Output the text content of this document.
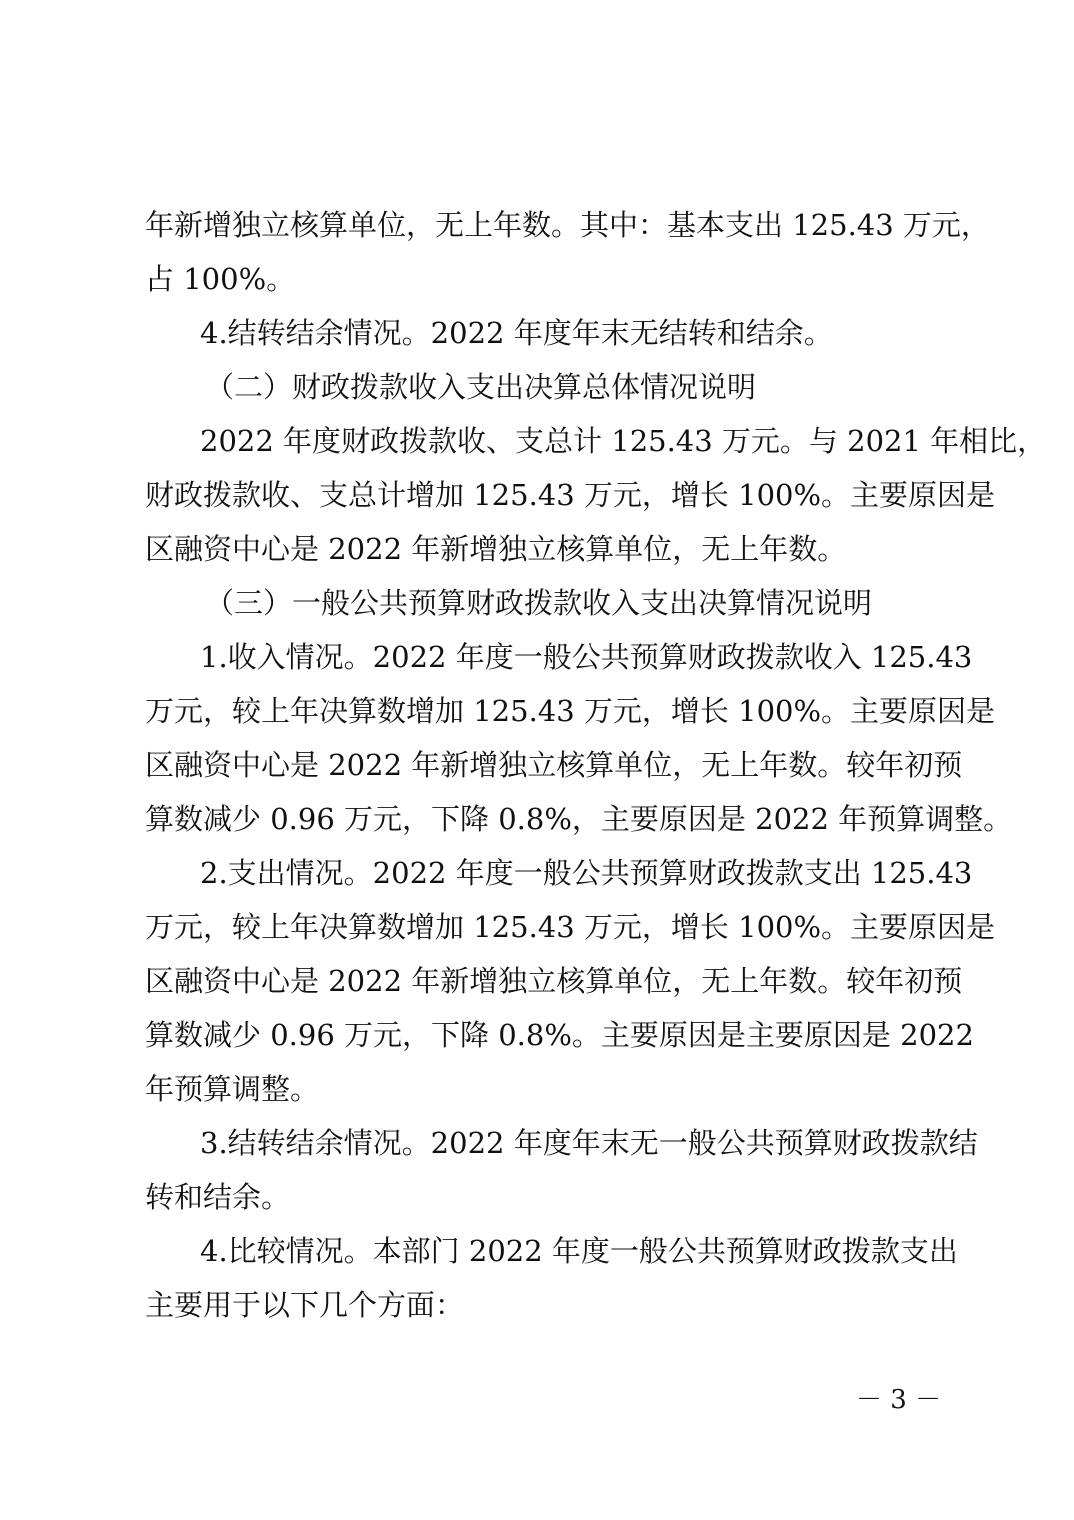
年新增独立核算单位，无上年数。其中：基本支出 125.43 万元，
占 100%。
4.结转结余情况。2022 年度年末无结转和结余。
（二）财政拨款收入支出决算总体情况说明
2022 年度财政拨款收、支总计 125.43 万元。与 2021 年相比，
财政拨款收、支总计增加 125.43 万元，增长 100%。主要原因是
区融资中心是 2022 年新增独立核算单位，无上年数。
（三）一般公共预算财政拨款收入支出决算情况说明
1.收入情况。2022 年度一般公共预算财政拨款收入 125.43
万元，较上年决算数增加 125.43 万元，增长 100%。主要原因是
区融资中心是 2022 年新增独立核算单位，无上年数。较年初预
算数减少 0.96 万元，下降 0.8%，主要原因是 2022 年预算调整。
2.支出情况。2022 年度一般公共预算财政拨款支出 125.43
万元，较上年决算数增加 125.43 万元，增长 100%。主要原因是
区融资中心是 2022 年新增独立核算单位，无上年数。较年初预
算数减少 0.96 万元，下降 0.8%。主要原因是主要原因是 2022
年预算调整。
3.结转结余情况。2022 年度年末无一般公共预算财政拨款结
转和结余。
4.比较情况。本部门 2022 年度一般公共预算财政拨款支出
主要用于以下几个方面：
－ 3 －
